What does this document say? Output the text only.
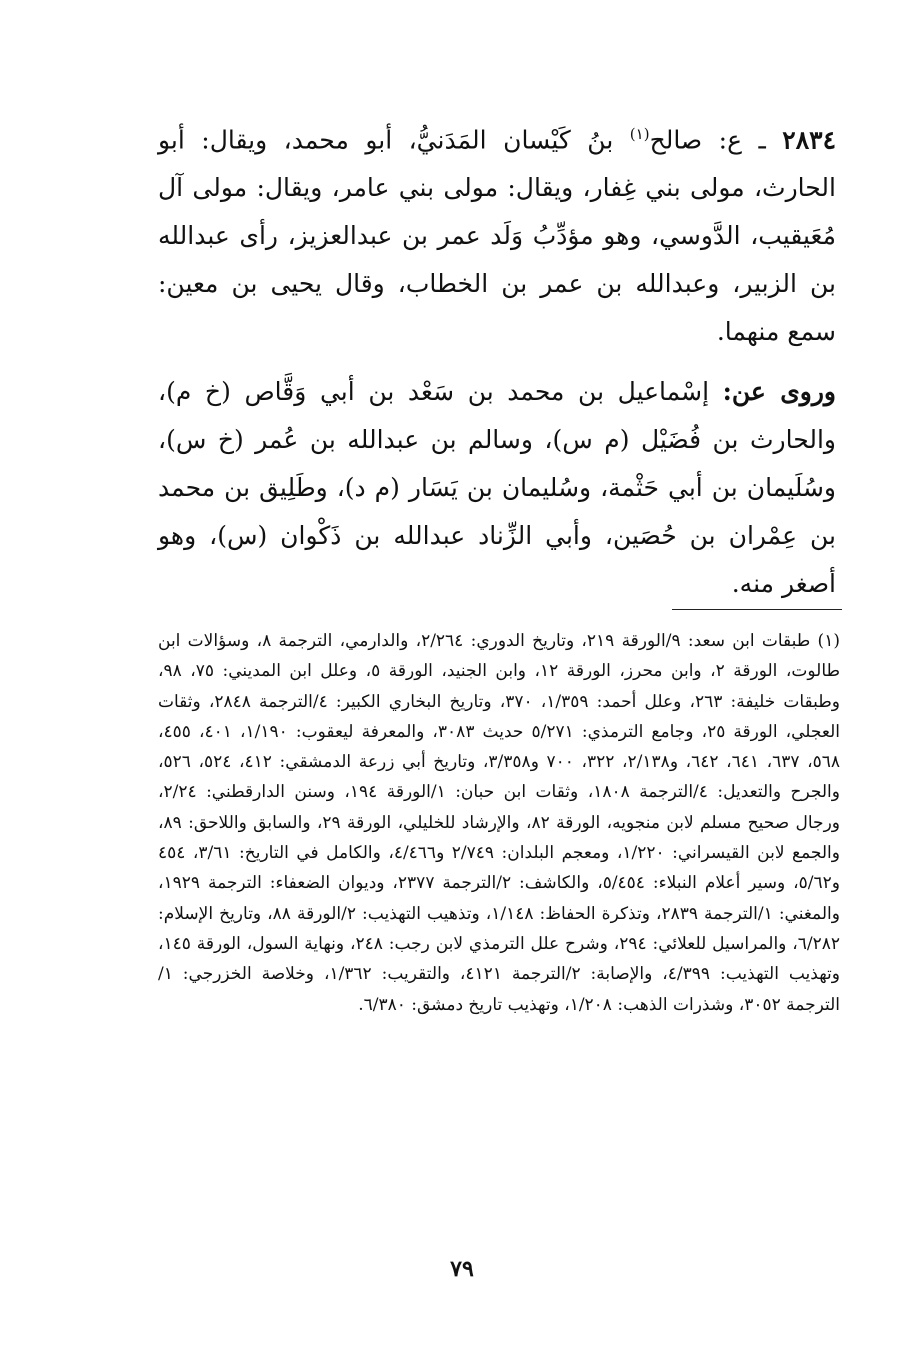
٢٨٣٤ ـ ع: صالح$^{(١)}$ بنُ كَيْسان المَدَنيُّ، أبو محمد، ويقال: أبو الحارث، مولى بني غِفار، ويقال: مولى بني عامر، ويقال: مولى آل مُعَيقيب، الدَّوسي، وهو مؤدِّبُ وَلَد عمر بن عبدالعزيز، رأى عبدالله بن الزبير، وعبدالله بن عمر بن الخطاب، وقال يحيى بن معين: سمع منهما.

وروى عن: إسْماعيل بن محمد بن سَعْد بن أبي وَقَّاص (خ م)، والحارث بن فُضَيْل (م س)، وسالم بن عبدالله بن عُمر (خ س)، وسُلَيمان بن أبي حَثْمة، وسُليمان بن يَسَار (م د)، وطَلِيق بن محمد بن عِمْران بن حُصَين، وأبي الزِّناد عبدالله بن ذَكْوان (س)، وهو أصغر منه.

(١) طبقات ابن سعد: ٩/الورقة ٢١٩، وتاريخ الدوري: ٢/٢٦٤، والدارمي، الترجمة ٨، وسؤالات ابن طالوت، الورقة ٢، وابن محرز، الورقة ١٢، وابن الجنيد، الورقة ٥، وعلل ابن المديني: ٧٥، ٩٨، وطبقات خليفة: ٢٦٣، وعلل أحمد: ١/٣٥٩، ٣٧٠، وتاريخ البخاري الكبير: ٤/الترجمة ٢٨٤٨، وثقات العجلي، الورقة ٢٥، وجامع الترمذي: ٥/٢٧١ حديث ٣٠٨٣، والمعرفة ليعقوب: ١/١٩٠، ٤٠١، ٤٥٥، ٥٦٨، ٦٣٧، ٦٤١، ٦٤٢، و٢/١٣٨، ٣٢٢، ٧٠٠ و٣/٣٥٨، وتاريخ أبي زرعة الدمشقي: ٤١٢، ٥٢٤، ٥٢٦، والجرح والتعديل: ٤/الترجمة ١٨٠٨، وثقات ابن حبان: ١/الورقة ١٩٤، وسنن الدارقطني: ٢/٢٤، ورجال صحيح مسلم لابن منجويه، الورقة ٨٢، والإرشاد للخليلي، الورقة ٢٩، والسابق واللاحق: ٨٩، والجمع لابن القيسراني: ١/٢٢٠، ومعجم البلدان: ٢/٧٤٩ و٤/٤٦٦، والكامل في التاريخ: ٣/٦١، ٤٥٤ و٥/٦٢، وسير أعلام النبلاء: ٥/٤٥٤، والكاشف: ٢/الترجمة ٢٣٧٧، وديوان الضعفاء: الترجمة ١٩٢٩، والمغني: ١/الترجمة ٢٨٣٩، وتذكرة الحفاظ: ١/١٤٨، وتذهيب التهذيب: ٢/الورقة ٨٨، وتاريخ الإسلام: ٦/٢٨٢، والمراسيل للعلائي: ٢٩٤، وشرح علل الترمذي لابن رجب: ٢٤٨، ونهاية السول، الورقة ١٤٥، وتهذيب التهذيب: ٤/٣٩٩، والإصابة: ٢/الترجمة ٤١٢١، والتقريب: ١/٣٦٢، وخلاصة الخزرجي: ١/الترجمة ٣٠٥٢، وشذرات الذهب: ١/٢٠٨، وتهذيب تاريخ دمشق: ٦/٣٨٠.

٧٩
